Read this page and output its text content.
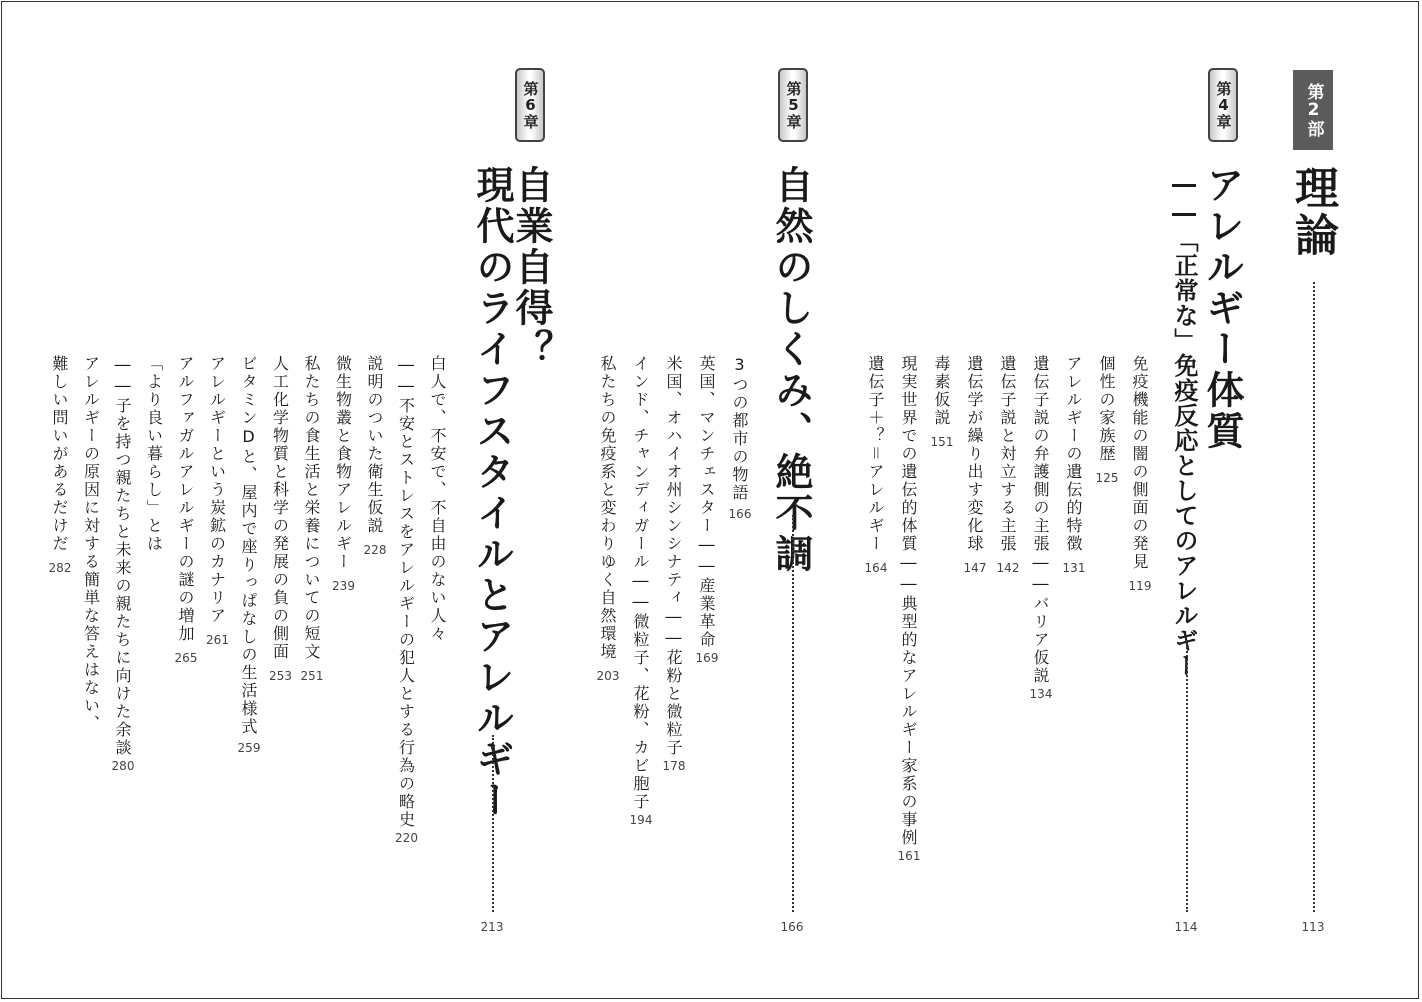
第2部
理論
113
第4章
アレルギー体質
――「正常な」免疫反応としてのアレルギー
114
免疫機能の闇の側面の発見
119
個性の家族歴
125
アレルギーの遺伝的特徴
131
遺伝子説の弁護側の主張――バリア仮説
134
遺伝子説と対立する主張
142
遺伝学が繰り出す変化球
147
毒素仮説
151
現実世界での遺伝的体質――典型的なアレルギー家系の事例
161
遺伝子＋？＝アレルギー
164
第5章
自然のしくみ、絶不調
166
3つの都市の物語
166
英国、マンチェスター――産業革命
169
米国、オハイオ州シンシナティ――花粉と微粒子
178
インド、チャンディガール――微粒子、花粉、カビ胞子
194
私たちの免疫系と変わりゆく自然環境
203
第6章
自業自得？
現代のライフスタイルとアレルギー
213
白人で、不安で、不自由のない人々
――不安とストレスをアレルギーの犯人とする行為の略史
220
説明のついた衛生仮説
228
微生物叢と食物アレルギー
239
私たちの食生活と栄養についての短文
251
人工化学物質と科学の発展の負の側面
253
ビタミンDと、屋内で座りっぱなしの生活様式
259
アレルギーという炭鉱のカナリア
261
アルファガルアレルギーの謎の増加
265
「より良い暮らし」とは
――子を持つ親たちと未来の親たちに向けた余談
280
アレルギーの原因に対する簡単な答えはない、
難しい問いがあるだけだ
282
